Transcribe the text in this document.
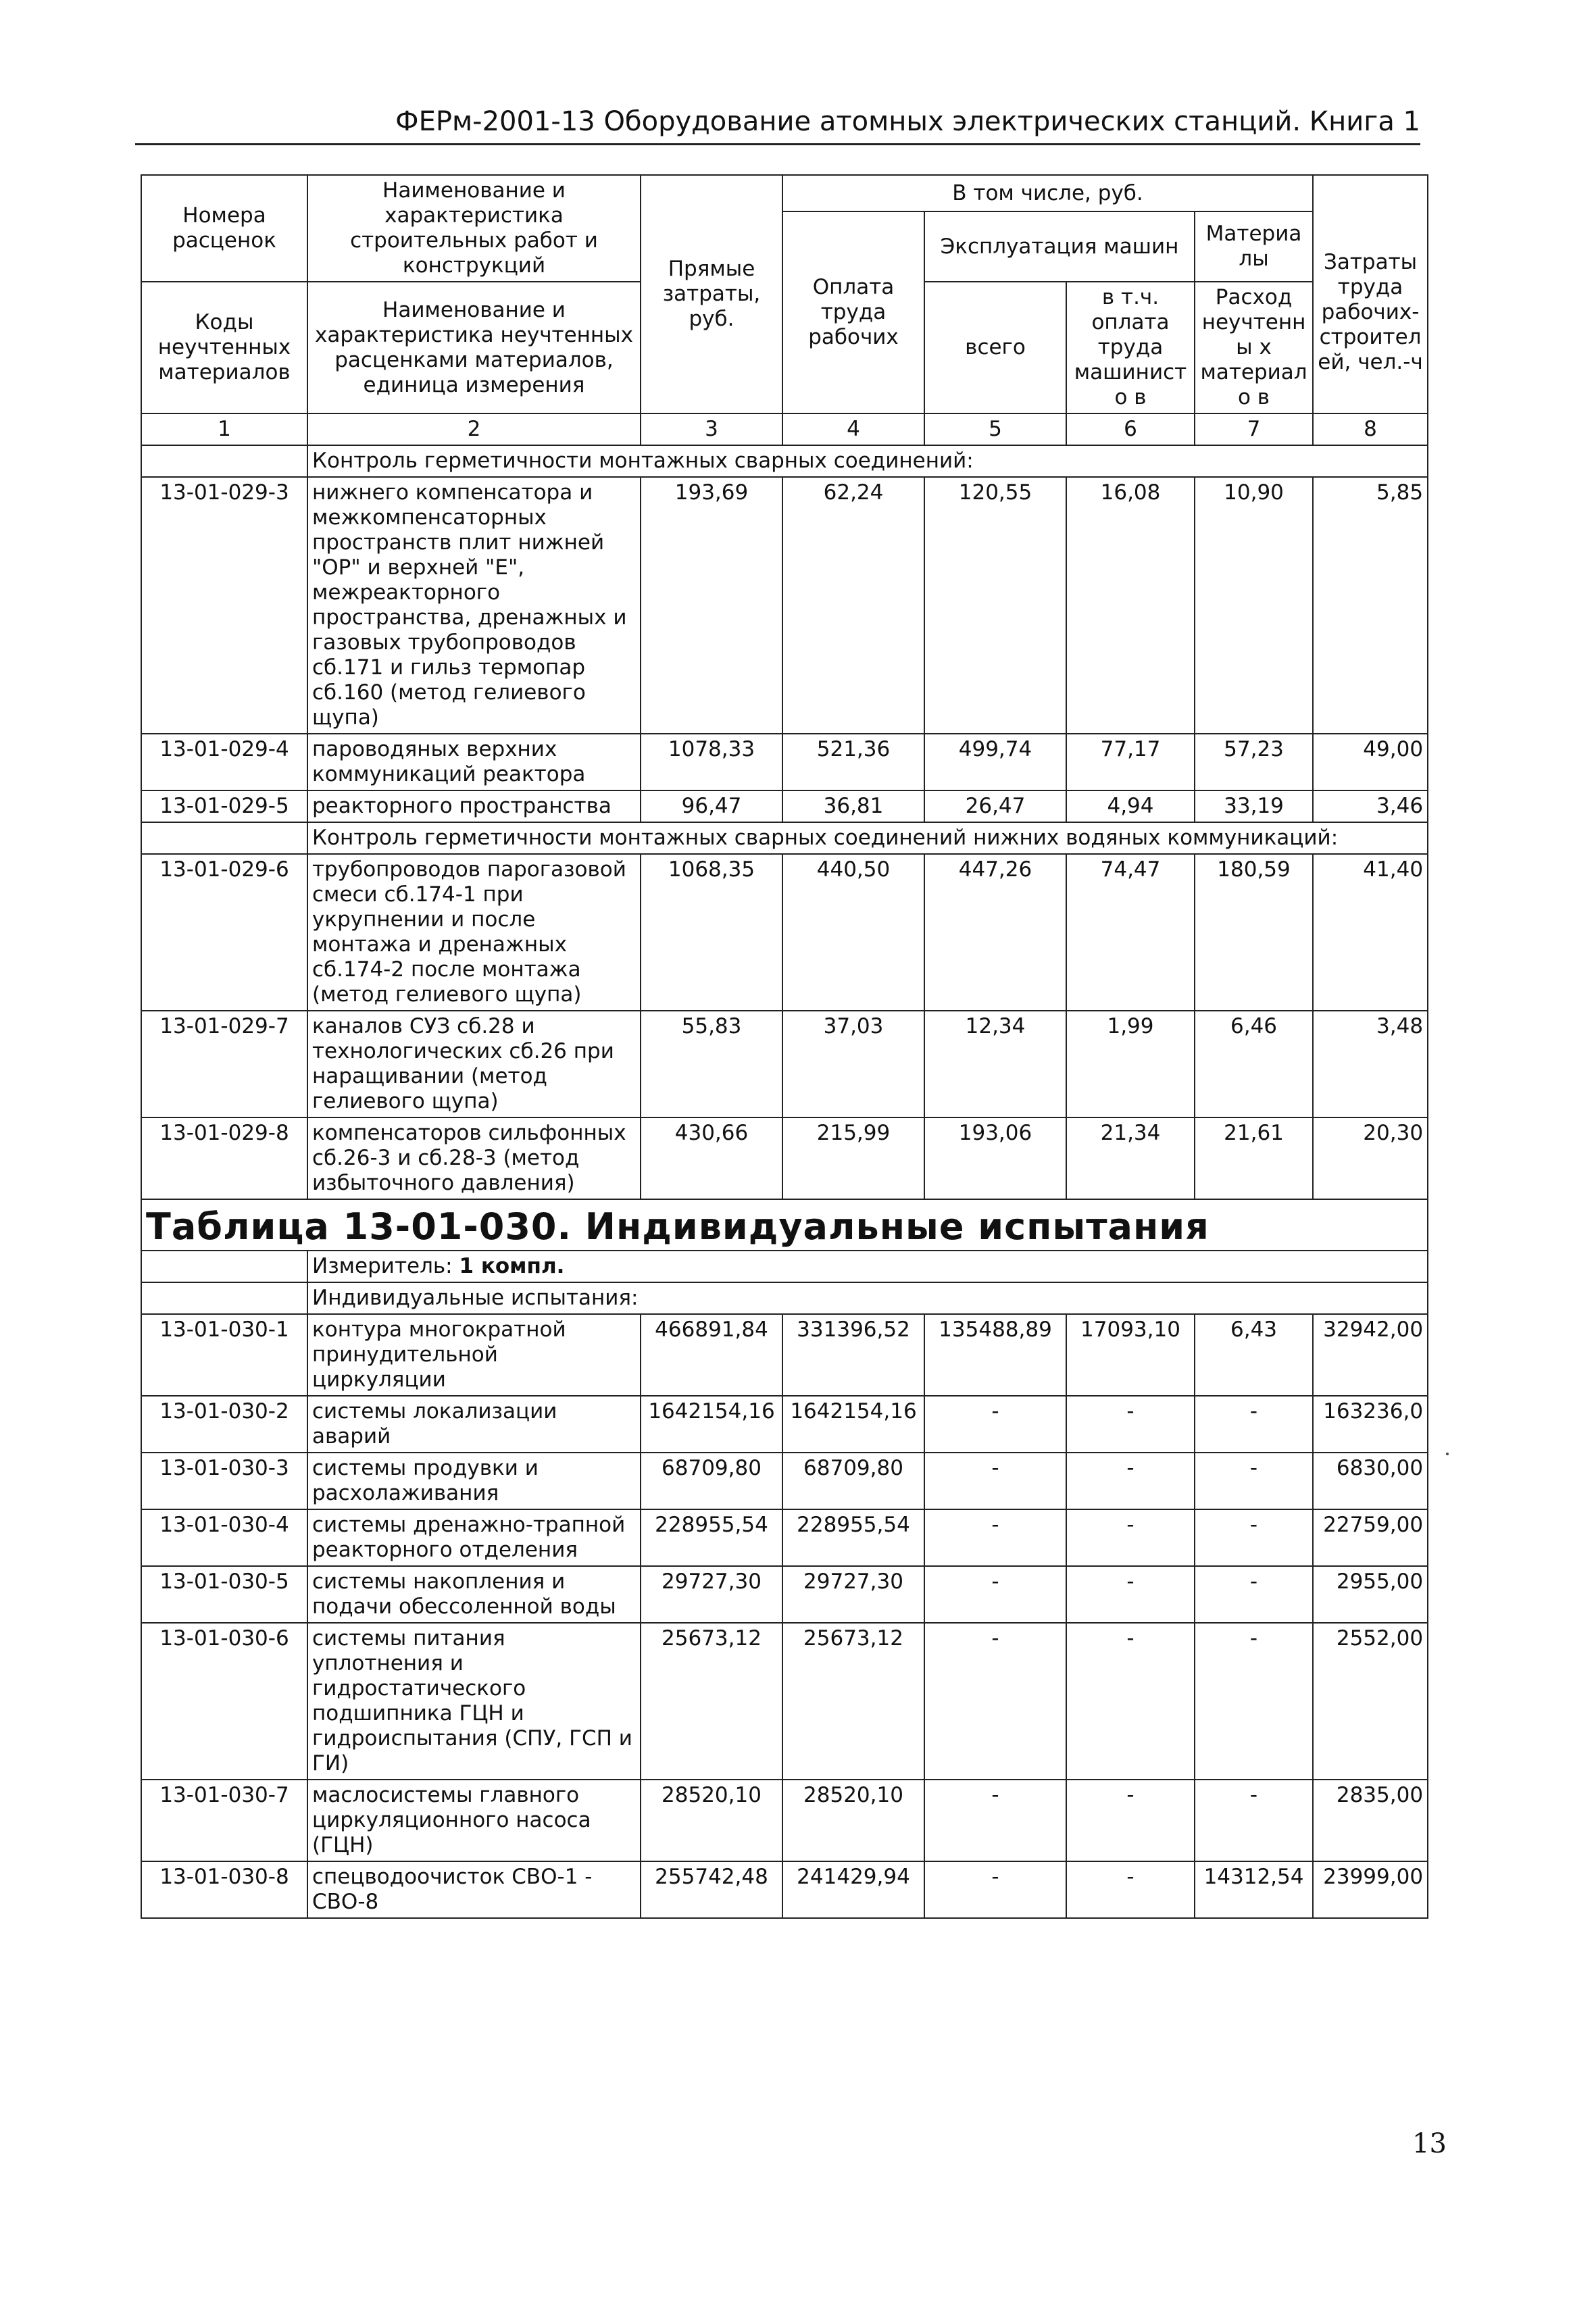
ФЕРм-2001-13 Оборудование атомных электрических станций. Книга 1
Номера расценок	Наименование и характеристика строительных работ и конструкций	Прямые затраты, руб.	В том числе, руб.				
			Оплата труда рабочих	Эксплуатация машин		Материалы	Затраты труда рабочих-строител ей, чел.-ч
Коды неучтенных материалов	Наименование и характеристика неучтенных расценками материалов, единица измерения			всего	в т.ч. оплата труда машинисто в	Расход неучтенны х материало в	

1	2	3	4	5	6	7	8
	Контроль герметичности монтажных сварных соединений:						
13-01-029-3	нижнего компенсатора и межкомпенсаторных пространств плит нижней "ОР" и верхней "Е", межреакторного пространства, дренажных и газовых трубопроводов сб.171 и гильз термопар сб.160 (метод гелиевого щупа)	193,69	62,24	120,55	16,08	10,90	5,85
13-01-029-4	пароводяных верхних коммуникаций реактора	1078,33	521,36	499,74	77,17	57,23	49,00
13-01-029-5	реакторного пространства	96,47	36,81	26,47	4,94	33,19	3,46
	Контроль герметичности монтажных сварных соединений нижних водяных коммуникаций:						
13-01-029-6	трубопроводов парогазовой смеси сб.174-1 при укрупнении и после монтажа и дренажных сб.174-2 после монтажа (метод гелиевого щупа)	1068,35	440,50	447,26	74,47	180,59	41,40
13-01-029-7	каналов СУЗ сб.28 и технологических сб.26 при наращивании (метод гелиевого щупа)	55,83	37,03	12,34	1,99	6,46	3,48
13-01-029-8	компенсаторов сильфонных сб.26-3 и сб.28-3 (метод избыточного давления)	430,66	215,99	193,06	21,34	21,61	20,30
Таблица 13-01-030. Индивидуальные испытания							
	Измеритель: 1 компл.						
	Индивидуальные испытания:						
13-01-030-1	контура многократной принудительной циркуляции	466891,84	331396,52	135488,89	17093,10	6,43	32942,00
13-01-030-2	системы локализации аварий	1642154,16	1642154,16	-	-	-	163236,0
13-01-030-3	системы продувки и расхолаживания	68709,80	68709,80	-	-	-	6830,00
13-01-030-4	системы дренажно-трапной реакторного отделения	228955,54	228955,54	-	-	-	22759,00
13-01-030-5	системы накопления и подачи обессоленной воды	29727,30	29727,30	-	-	-	2955,00
13-01-030-6	системы питания уплотнения и гидростатического подшипника ГЦН и гидроиспытания (СПУ, ГСП и ГИ)	25673,12	25673,12	-	-	-	2552,00
13-01-030-7	маслосистемы главного циркуляционного насоса (ГЦН)	28520,10	28520,10	-	-	-	2835,00
13-01-030-8	спецводоочисток СВО-1 - СВО-8	255742,48	241429,94	-	-	14312,54	23999,00
13
